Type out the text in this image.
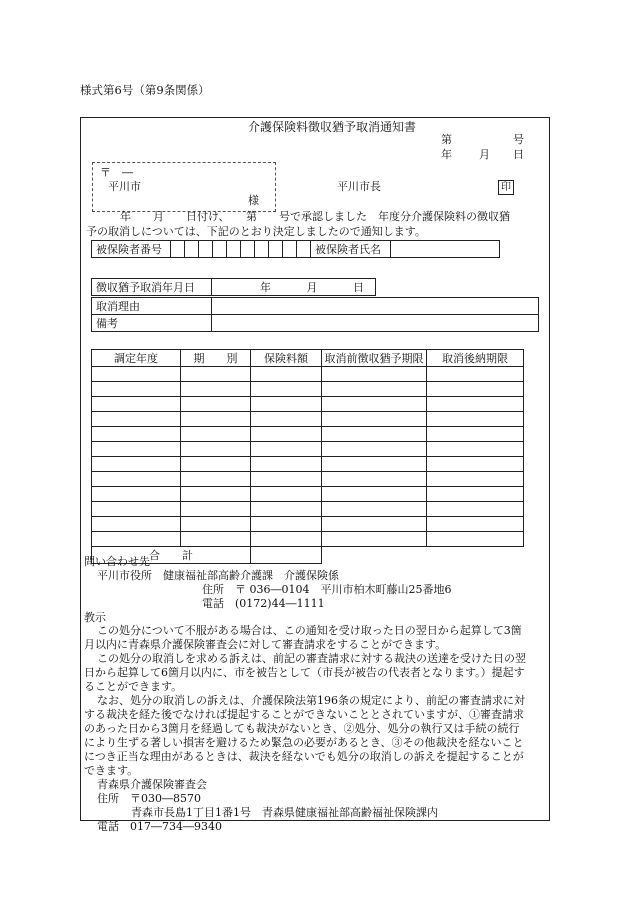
様式第6号（第9条関係）
介護保険料徴収猶予取消通知書
第	号
年 月 日
〒　―
平川市
様
平川市長	印
年　　月　　日付け、　　第　　号で承認しました　年度分介護保険料の徴収猶
予の取消しについては、下記のとおり決定しましたので通知します。
被保険者番号											被保険者氏名	
徴収猶予取消年月日	年	月	日
取消理由	
備考	
調定年度	期　　別	保険料額	取消前徴収猶予期限	取消後納期限

合　　計				
問い合わせ先
平川市役所　健康福祉部高齢介護課　介護保険係
住所　〒 036―0104　平川市柏木町藤山25番地6
電話　(0172)44―1111
教示
この処分について不服がある場合は、この通知を受け取った日の翌日から起算して3箇
月以内に青森県介護保険審査会に対して審査請求をすることができます。
この処分の取消しを求める訴えは、前記の審査請求に対する裁決の送達を受けた日の翌
日から起算して6箇月以内に、市を被告として（市長が被告の代表者となります。）提起す
ることができます。
なお、処分の取消しの訴えは、介護保険法第196条の規定により、前記の審査請求に対
する裁決を経た後でなければ提起することができないこととされていますが、①審査請求
のあった日から3箇月を経過しても裁決がないとき、②処分、処分の執行又は手続の続行
により生ずる著しい損害を避けるため緊急の必要があるとき、③その他裁決を経ないこと
につき正当な理由があるときは、裁決を経ないでも処分の取消しの訴えを提起することが
できます。
青森県介護保険審査会
住所　〒030―8570
青森市長島1丁目1番1号　青森県健康福祉部高齢福祉保険課内
電話　017―734―9340
